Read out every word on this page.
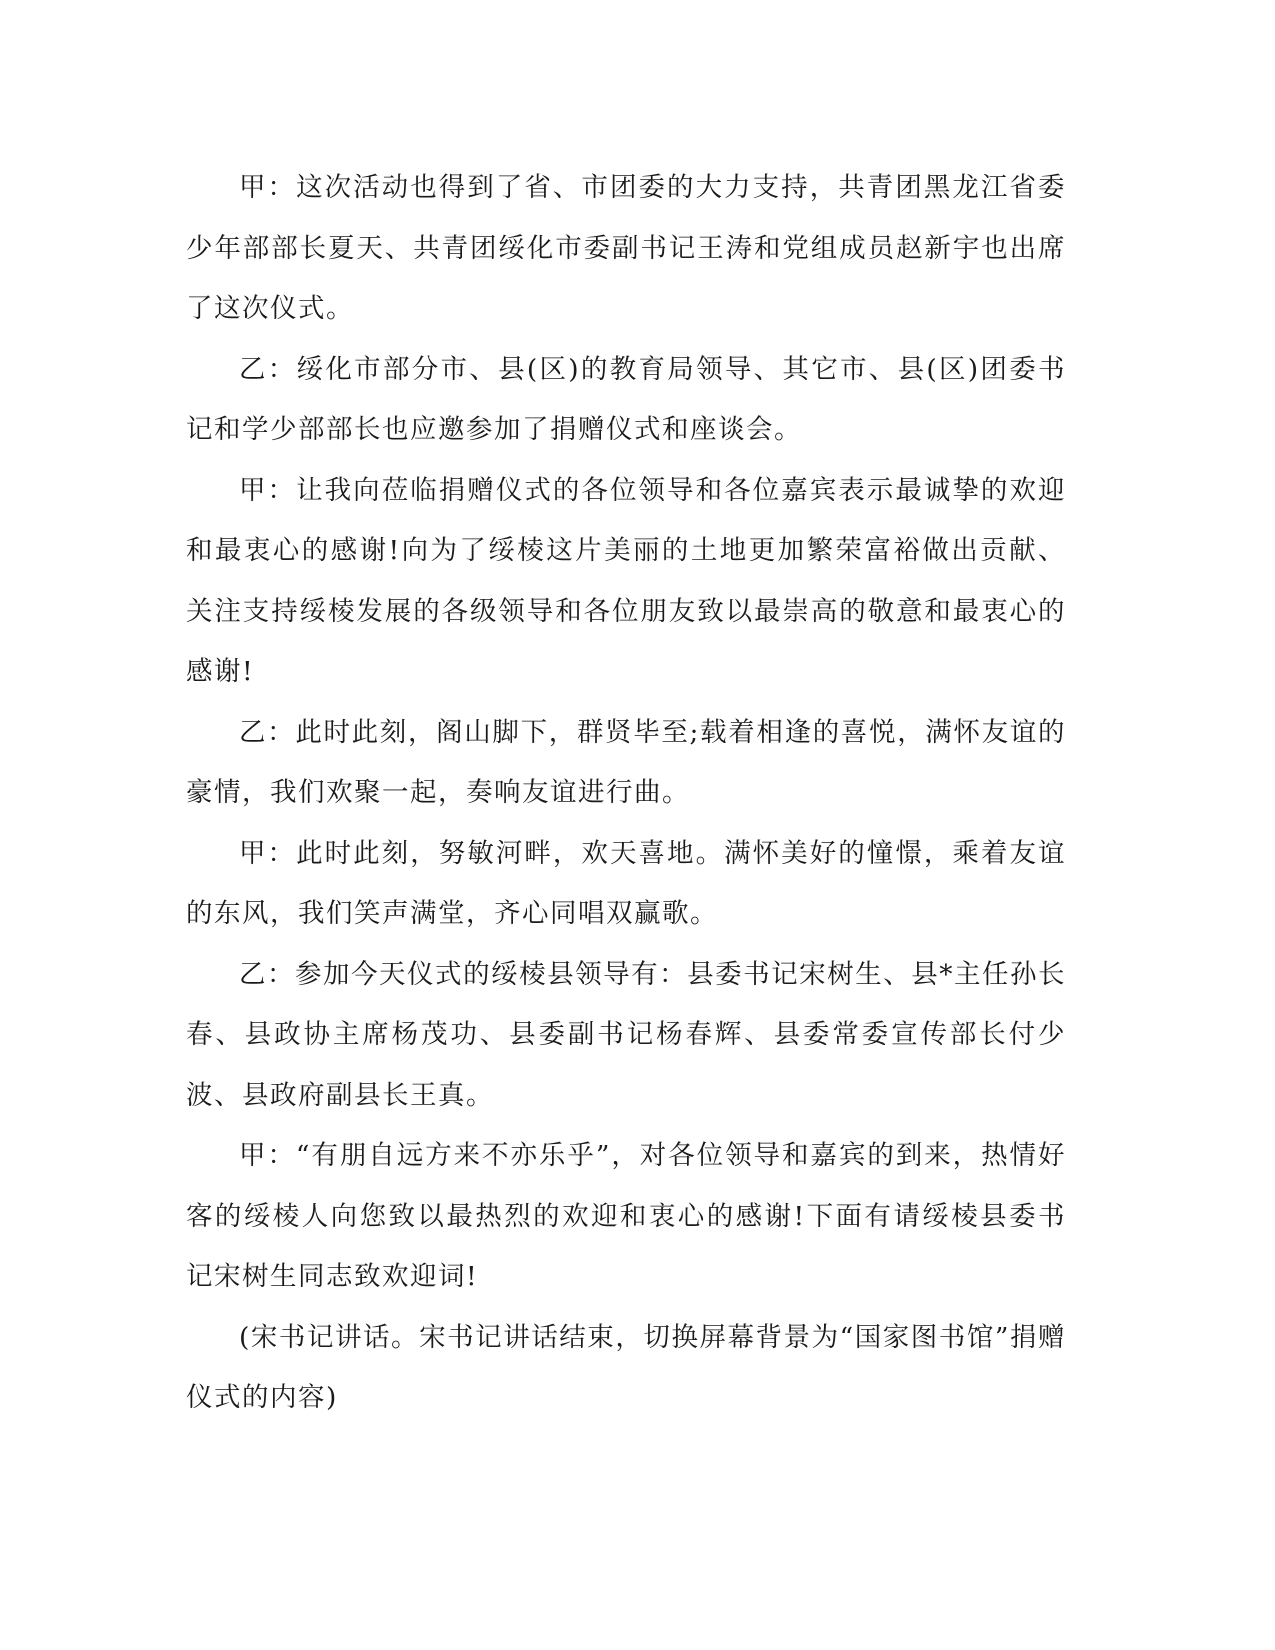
甲：这次活动也得到了省、市团委的大力支持，共青团黑龙江省委少年部部长夏天、共青团绥化市委副书记王涛和党组成员赵新宇也出席了这次仪式。

乙：绥化市部分市、县(区)的教育局领导、其它市、县(区)团委书记和学少部部长也应邀参加了捐赠仪式和座谈会。

甲：让我向莅临捐赠仪式的各位领导和各位嘉宾表示最诚挚的欢迎和最衷心的感谢!向为了绥棱这片美丽的土地更加繁荣富裕做出贡献、关注支持绥棱发展的各级领导和各位朋友致以最崇高的敬意和最衷心的感谢!

乙：此时此刻，阁山脚下，群贤毕至;载着相逢的喜悦，满怀友谊的豪情，我们欢聚一起，奏响友谊进行曲。

甲：此时此刻，努敏河畔，欢天喜地。满怀美好的憧憬，乘着友谊的东风，我们笑声满堂，齐心同唱双赢歌。

乙：参加今天仪式的绥棱县领导有：县委书记宋树生、县*主任孙长春、县政协主席杨茂功、县委副书记杨春辉、县委常委宣传部长付少波、县政府副县长王真。

甲：“有朋自远方来不亦乐乎”，对各位领导和嘉宾的到来，热情好客的绥棱人向您致以最热烈的欢迎和衷心的感谢!下面有请绥棱县委书记宋树生同志致欢迎词!

(宋书记讲话。宋书记讲话结束，切换屏幕背景为“国家图书馆”捐赠仪式的内容)
